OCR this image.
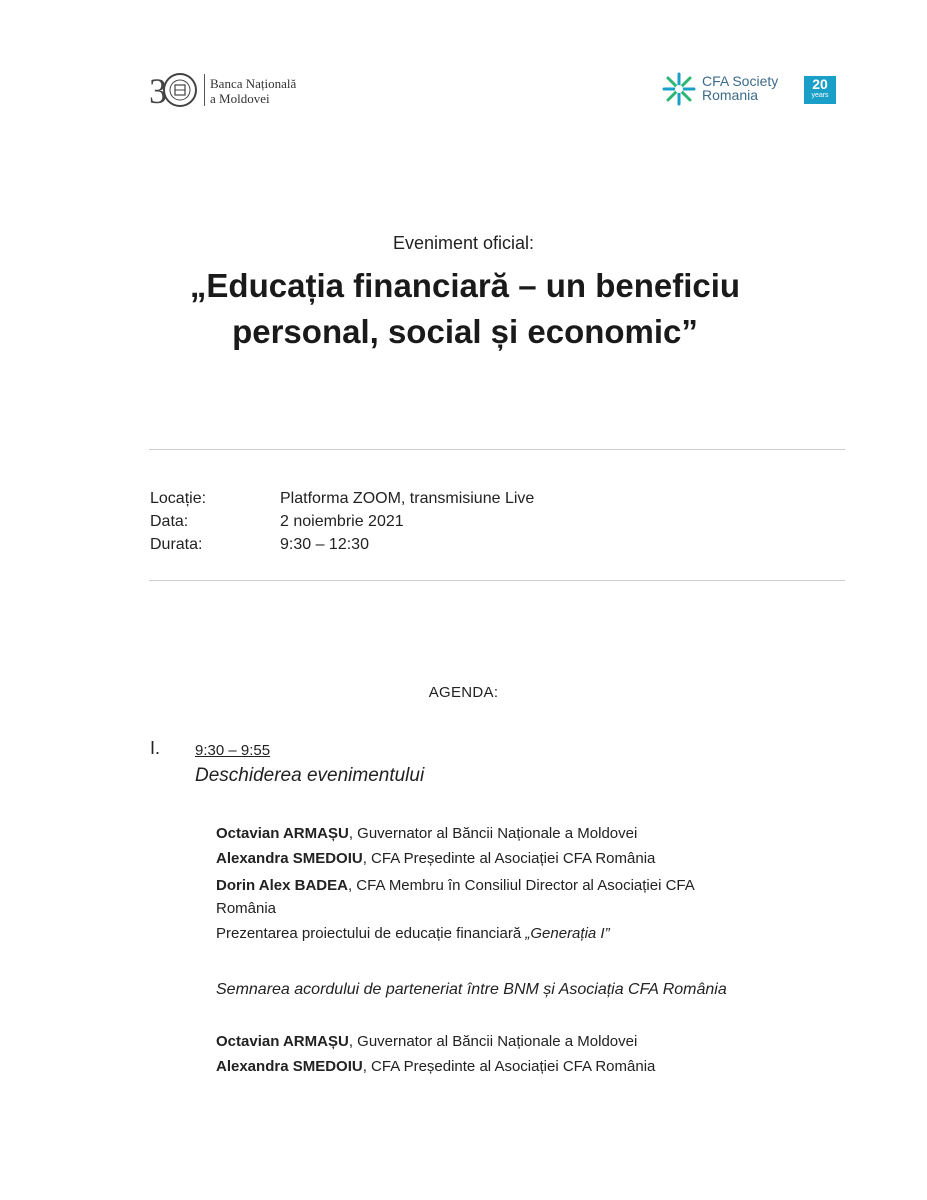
3	Banca Națională
a Moldovei
CFA Society
Romania
20
years
Eveniment oficial:
„Educația financiară – un beneficiu
personal, social și economic”
Locație:	Platforma ZOOM, transmisiune Live
Data:	2 noiembrie 2021
Durata:	9:30 – 12:30
AGENDA:
I. 9:30 – 9:55
Deschiderea evenimentului
Octavian ARMAȘU, Guvernator al Băncii Naționale a Moldovei
Alexandra SMEDOIU, CFA Președinte al Asociației CFA România
Dorin Alex BADEA, CFA Membru în Consiliul Director al Asociației CFA
România
Prezentarea proiectului de educație financiară „Generația I”
Semnarea acordului de parteneriat între BNM și Asociația CFA România
Octavian ARMAȘU, Guvernator al Băncii Naționale a Moldovei
Alexandra SMEDOIU, CFA Președinte al Asociației CFA România
